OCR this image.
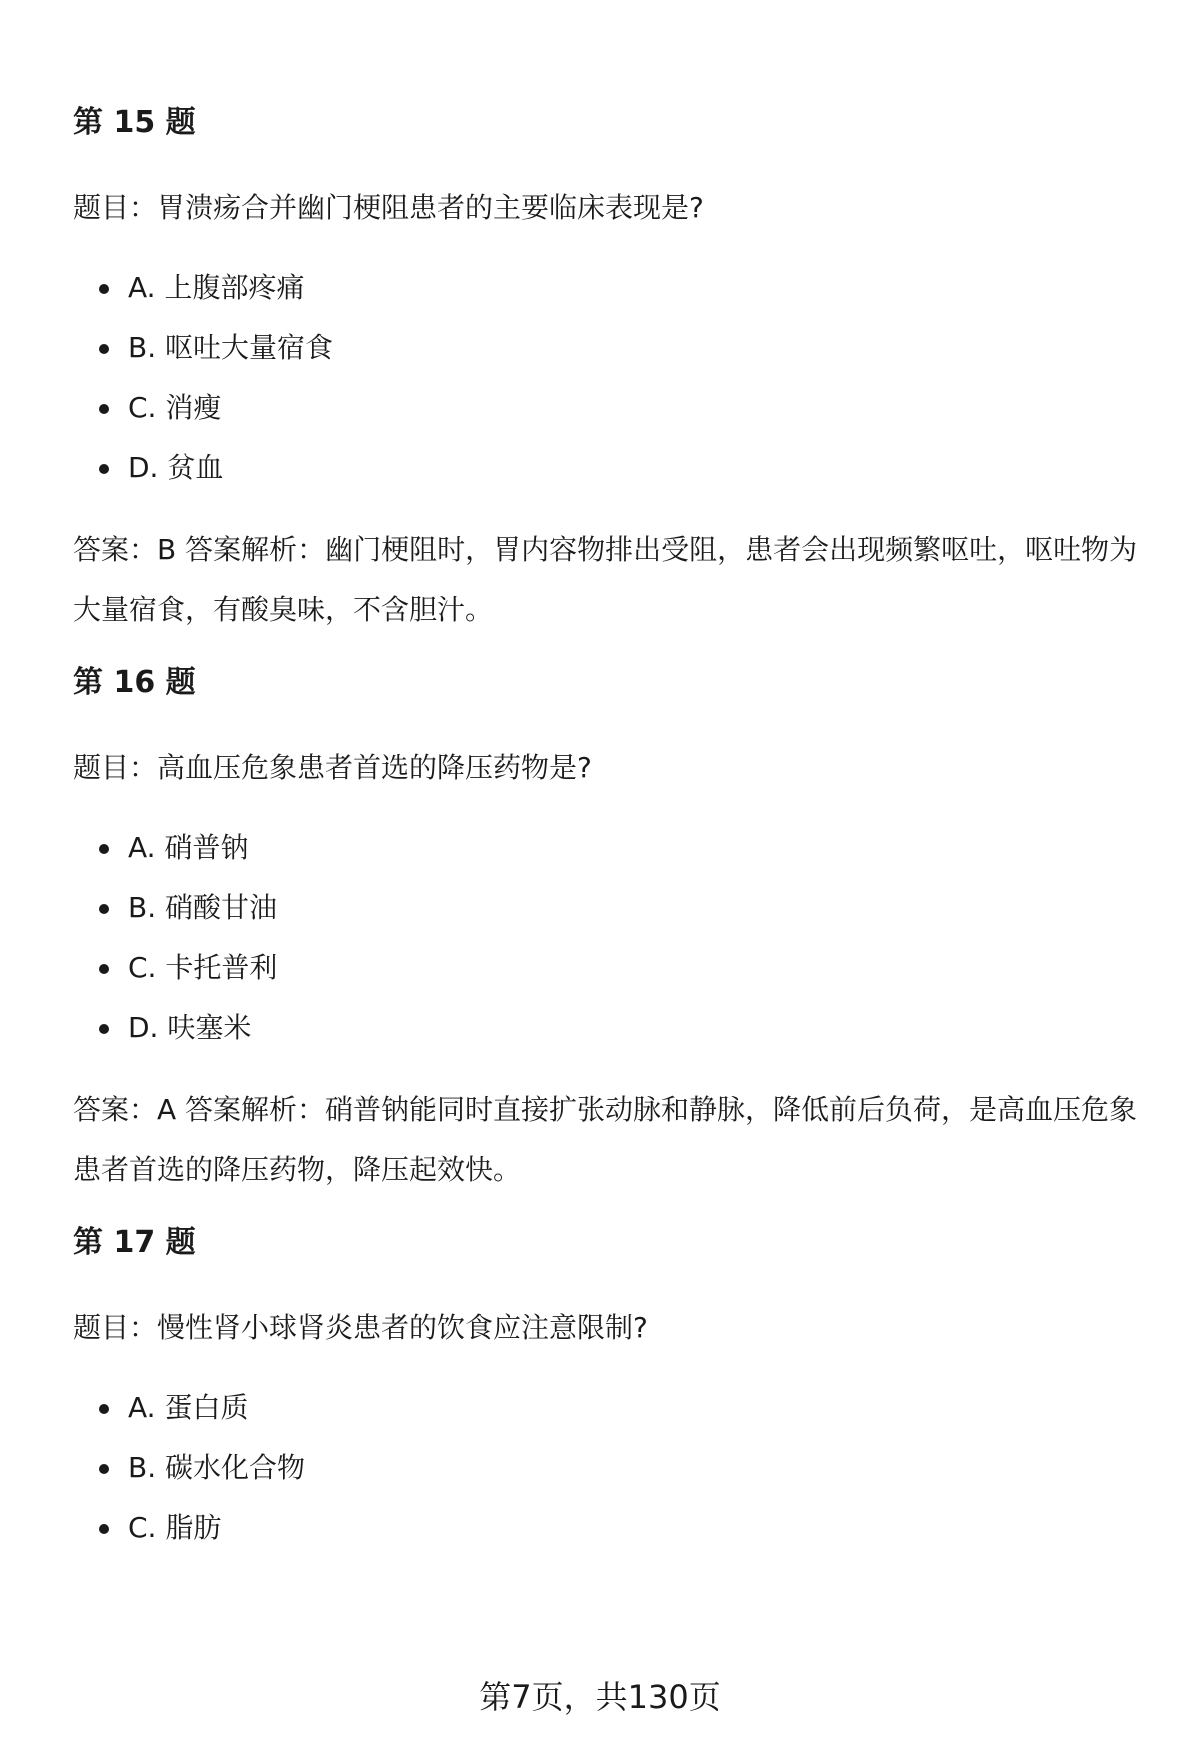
第 15 题
题目：胃溃疡合并幽门梗阻患者的主要临床表现是?
A. 上腹部疼痛
B. 呕吐大量宿食
C. 消瘦
D. 贫血
答案：B 答案解析：幽门梗阻时，胃内容物排出受阻，患者会出现频繁呕吐，呕吐物为大量宿食，有酸臭味，不含胆汁。
第 16 题
题目：高血压危象患者首选的降压药物是?
A. 硝普钠
B. 硝酸甘油
C. 卡托普利
D. 呋塞米
答案：A 答案解析：硝普钠能同时直接扩张动脉和静脉，降低前后负荷，是高血压危象患者首选的降压药物，降压起效快。
第 17 题
题目：慢性肾小球肾炎患者的饮食应注意限制?
A. 蛋白质
B. 碳水化合物
C. 脂肪
第7页，共130页
